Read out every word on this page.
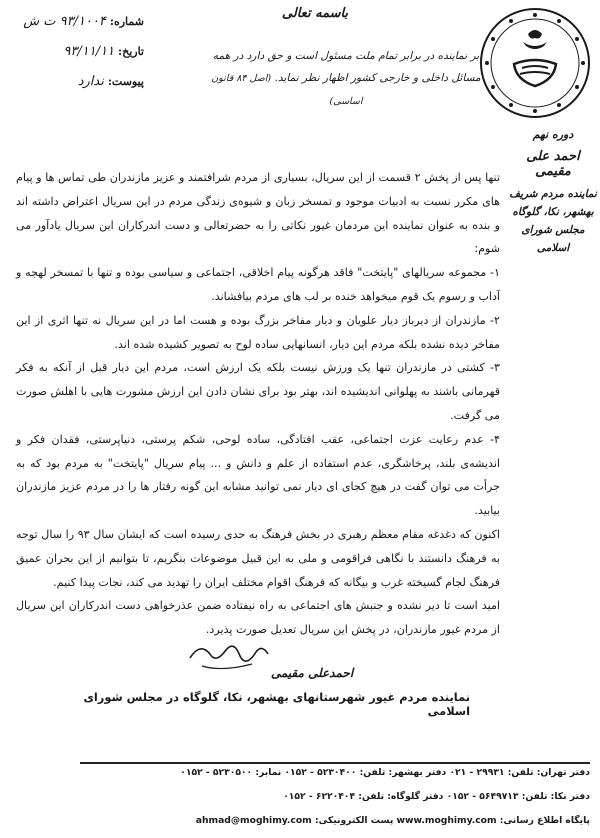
شماره:
۹۳/۱۰۰۴ ت ش
تاریخ:
۹۳/۱۱/۱۱
پیوست:
ندارد
باسمه تعالی
بر نماینده در برابر تمام ملت مسئول است و حق دارد در همه
مسائل داخلی و خارجی کشور اظهار نظر نماید. (اصل ۸۴ قانون اساسی)
دوره نهم
احمد علی مقیمی
نماینده مردم شریف
بهشهر، نکا، گلوگاه
مجلس شورای اسلامی

تنها پس از پخش ۲ قسمت از این سریال، بسیاری از مردم شرافتمند و عزیز مازندران طی تماس ها و پیام های مکرر نسبت به ادبیات موجود و تمسخر زبان و شیوه‌ی زندگی مردم در این سریال اعتراض داشته اند و بنده به عنوان نماینده این مردمان غیور نکاتی را به حضرتعالی و دست اندرکاران این سریال یادآور می شوم:

۱- مجموعه سریالهای "پایتخت" فاقد هرگونه پیام اخلاقی، اجتماعی و سیاسی بوده و تنها با تمسخر لهجه و آداب و رسوم یک قوم میخواهد خنده بر لب های مردم بیافشاند.

۲- مازندران از دیرباز دیار علویان و دیار مفاخر بزرگ بوده و هست اما در این سریال نه تنها اثری از این مفاخر دیده نشده بلکه مردم این دیار، انسانهایی ساده لوح به تصویر کشیده شده اند.

۳- کشتی در مازندران تنها یک ورزش نیست بلکه یک ارزش است، مردم این دیار قبل از آنکه به فکر قهرمانی باشند به پهلوانی اندیشیده اند، بهتر بود برای نشان دادن این ارزش مشورت هایی با اهلش صورت می گرفت.

۴- عدم رعایت عزت اجتماعی، عقب افتادگی، ساده لوحی، شکم پرستی، دنیاپرستی، فقدان فکر و اندیشه‌ی بلند، پرخاشگری، عدم استفاده از علم و دانش و ... پیام سریال "پایتخت" به مردم بود که به جرأت می توان گفت در هیچ کجای ای دیار نمی توانید مشابه این گونه رفتار ها را در مردم عزیز مازندران بیابید.

اکنون که دغدغه مقام معظم رهبری در بخش فرهنگ به حدی رسیده است که ایشان سال ۹۳ را سال توجه به فرهنگ دانستند با نگاهی فراقومی و ملی به این قبیل موضوعات بنگریم، تا بتوانیم از این بحران عمیق فرهنگ لجام گسیخته غرب و بیگانه که فرهنگ اقوام مختلف ایران را تهدید می کند، نجات پیدا کنیم.

امید است تا دیر نشده و جنبش های اجتماعی به راه نیفتاده ضمن عذرخواهی دست اندرکاران این سریال از مردم غیور مازندران، در پخش این سریال تعدیل صورت پذیرد.

احمدعلی مقیمی
نماینده مردم غیور شهرستانهای بهشهر، نکا، گلوگاه در مجلس شورای اسلامی
دفتر تهران: تلفن: ۲۹۹۳۱ - ۰۲۱ دفتر بهشهر: تلفن: ۵۲۳۰۴۰۰ - ۰۱۵۲ نمابر: ۵۲۳۰۵۰۰ - ۰۱۵۲
دفتر نکا: تلفن: ۵۶۴۹۷۱۳ - ۰۱۵۲ دفتر گلوگاه: تلفن: ۶۲۲۰۴۰۴ - ۰۱۵۲
پایگاه اطلاع رسانی: www.moghimy.com پست الکترونیکی: ahmad@moghimy.com
